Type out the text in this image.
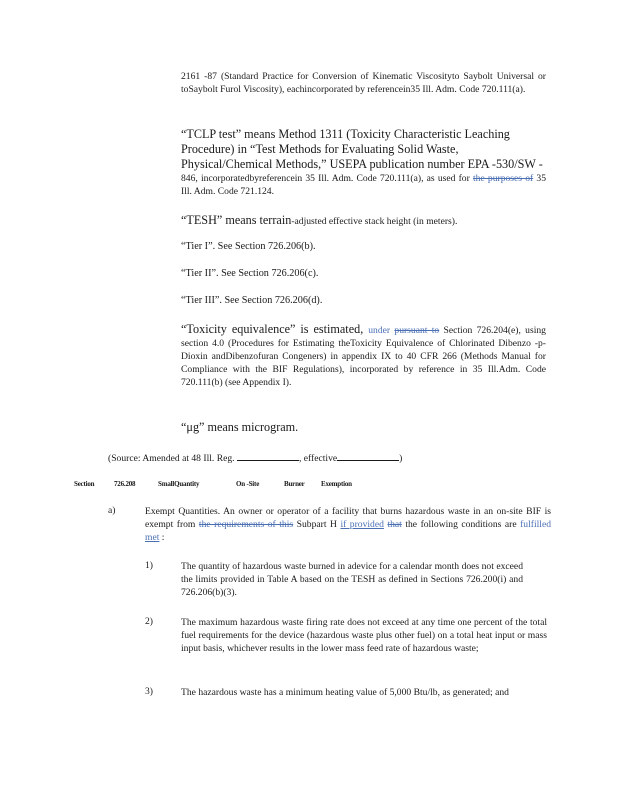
2161 -87 (Standard Practice for Conversion of Kinematic Viscosityto Saybolt Universal or toSaybolt Furol Viscosity), eachincorporated by referencein35 Ill. Adm. Code 720.111(a).

“TCLP test” means Method 1311 (Toxicity Characteristic Leaching Procedure) in “Test Methods for Evaluating Solid Waste, Physical/Chemical Methods,” USEPA publication number EPA -530/SW -

846, incorporatedbyreferencein 35 Ill. Adm. Code 720.111(a), as used for the purposes of 35 Ill. Adm. Code 721.124.

“TESH” means terrain-adjusted effective stack height (in meters).

“Tier I”. See Section 726.206(b).

“Tier II”. See Section 726.206(c).

“Tier III”. See Section 726.206(d).

“Toxicity equivalence” is estimated, under pursuant to Section 726.204(e), using section 4.0 (Procedures for Estimating theToxicity Equivalence of Chlorinated Dibenzo -p-Dioxin andDibenzofuran Congeners) in appendix IX to 40 CFR 266 (Methods Manual for Compliance with the BIF Regulations), incorporated by reference in 35 Ill.Adm. Code 720.111(b) (see Appendix I).

“μg” means microgram.

(Source: Amended at 48 Ill. Reg.	, effective	)
Section	726.208	SmallQuantity	On -Site	Burner Exemption
a)	Exempt Quantities. An owner or operator of a facility that burns hazardous waste in an on-site BIF is exempt from the requirements of this Subpart H if provided that the following conditions are fulfilled met :
1)	The quantity of hazardous waste burned in adevice for a calendar month does not exceed the limits provided in Table A based on the TESH as defined in Sections 726.200(i) and 726.206(b)(3).
2)	The maximum hazardous waste firing rate does not exceed at any time one percent of the total fuel requirements for the device (hazardous waste plus other fuel) on a total heat input or mass input basis, whichever results in the lower mass feed rate of hazardous waste;
3)	The hazardous waste has a minimum heating value of 5,000 Btu/lb, as generated; and
